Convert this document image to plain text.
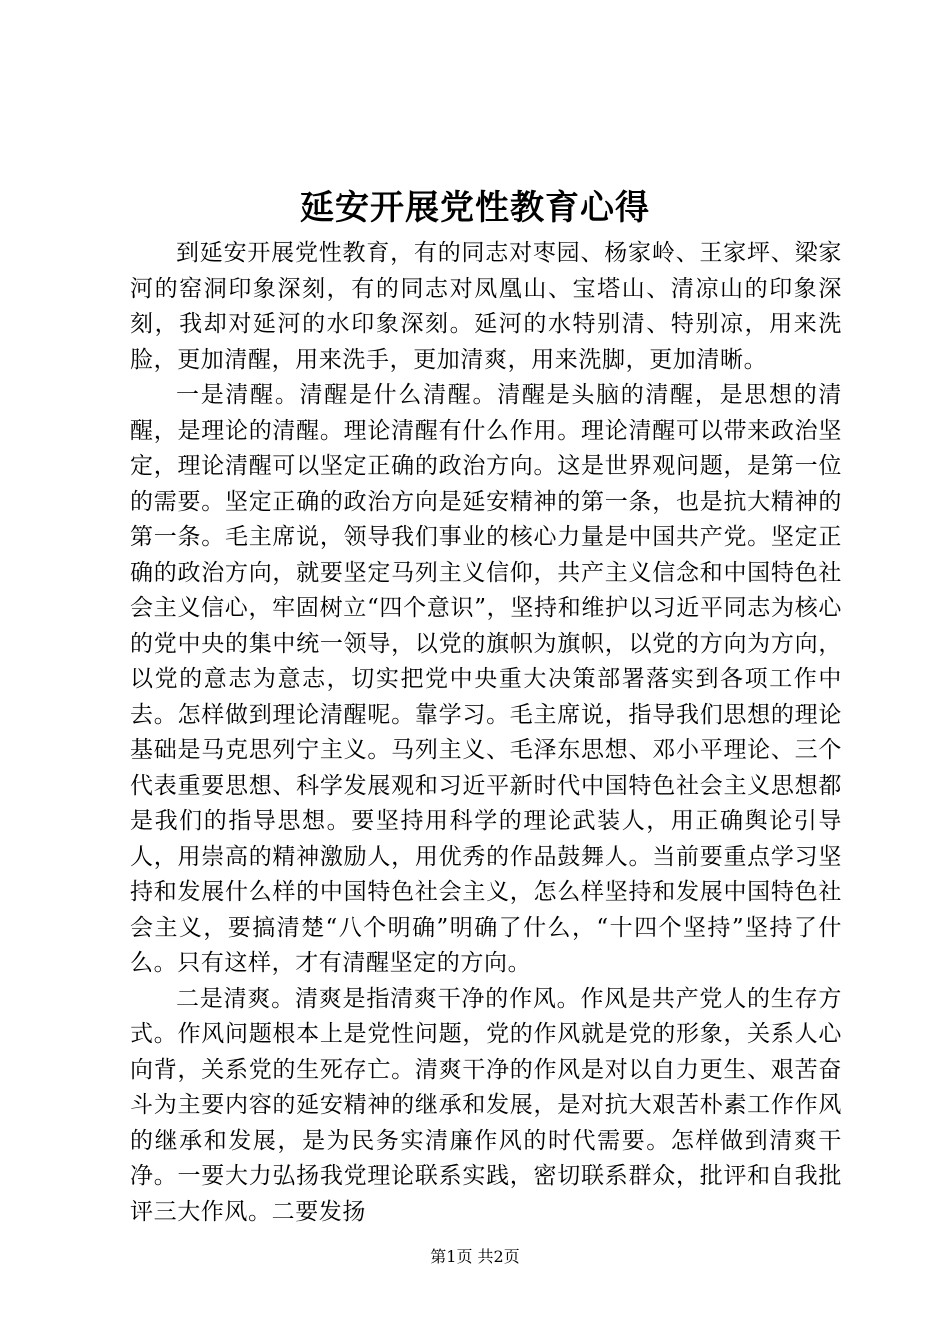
延安开展党性教育心得

到延安开展党性教育，有的同志对枣园、杨家岭、王家坪、梁家河的窑洞印象深刻，有的同志对凤凰山、宝塔山、清凉山的印象深刻，我却对延河的水印象深刻。延河的水特别清、特别凉，用来洗脸，更加清醒，用来洗手，更加清爽，用来洗脚，更加清晰。

一是清醒。清醒是什么清醒。清醒是头脑的清醒，是思想的清醒，是理论的清醒。理论清醒有什么作用。理论清醒可以带来政治坚定，理论清醒可以坚定正确的政治方向。这是世界观问题，是第一位的需要。坚定正确的政治方向是延安精神的第一条，也是抗大精神的第一条。毛主席说，领导我们事业的核心力量是中国共产党。坚定正确的政治方向，就要坚定马列主义信仰，共产主义信念和中国特色社会主义信心，牢固树立“四个意识”，坚持和维护以习近平同志为核心的党中央的集中统一领导，以党的旗帜为旗帜，以党的方向为方向，以党的意志为意志，切实把党中央重大决策部署落实到各项工作中去。怎样做到理论清醒呢。靠学习。毛主席说，指导我们思想的理论基础是马克思列宁主义。马列主义、毛泽东思想、邓小平理论、三个代表重要思想、科学发展观和习近平新时代中国特色社会主义思想都是我们的指导思想。要坚持用科学的理论武装人，用正确舆论引导人，用崇高的精神激励人，用优秀的作品鼓舞人。当前要重点学习坚持和发展什么样的中国特色社会主义，怎么样坚持和发展中国特色社会主义，要搞清楚“八个明确”明确了什么，“十四个坚持”坚持了什么。只有这样，才有清醒坚定的方向。

二是清爽。清爽是指清爽干净的作风。作风是共产党人的生存方式。作风问题根本上是党性问题，党的作风就是党的形象，关系人心向背，关系党的生死存亡。清爽干净的作风是对以自力更生、艰苦奋斗为主要内容的延安精神的继承和发展，是对抗大艰苦朴素工作作风的继承和发展，是为民务实清廉作风的时代需要。怎样做到清爽干净。一要大力弘扬我党理论联系实践，密切联系群众，批评和自我批评三大作风。二要发扬

第1页 共2页
